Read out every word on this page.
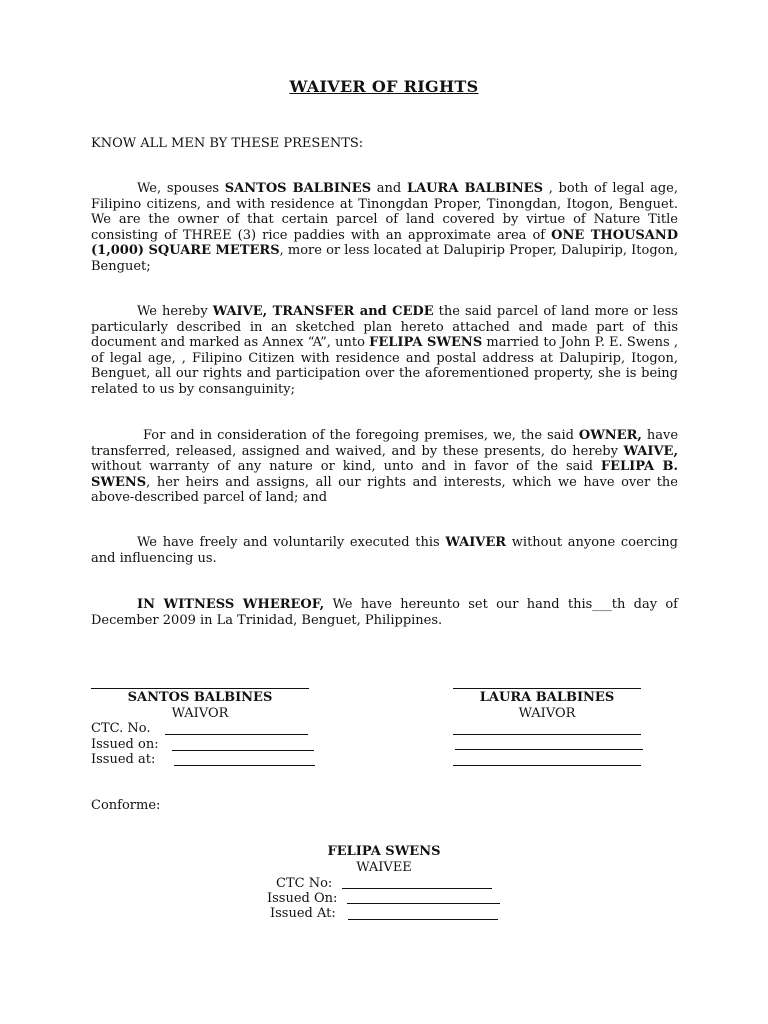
WAIVER OF RIGHTS
KNOW ALL MEN BY THESE PRESENTS:
We, spouses SANTOS BALBINES and LAURA BALBINES , both of legal age, Filipino citizens, and with residence at Tinongdan Proper, Tinongdan, Itogon, Benguet. We are the owner of that certain parcel of land covered by virtue of Nature Title consisting of THREE (3) rice paddies with an approximate area of ONE THOUSAND (1,000) SQUARE METERS, more or less located at Dalupirip Proper, Dalupirip, Itogon, Benguet;
We hereby WAIVE, TRANSFER and CEDE the said parcel of land more or less particularly described in an sketched plan hereto attached and made part of this document and marked as Annex “A”, unto FELIPA SWENS married to John P. E. Swens , of legal age, , Filipino Citizen with residence and postal address at Dalupirip, Itogon, Benguet, all our rights and participation over the aforementioned property, she is being related to us by consanguinity;
For and in consideration of the foregoing premises, we, the said OWNER, have transferred, released, assigned and waived, and by these presents, do hereby WAIVE, without warranty of any nature or kind, unto and in favor of the said FELIPA B. SWENS, her heirs and assigns, all our rights and interests, which we have over the above-described parcel of land; and
We have freely and voluntarily executed this WAIVER without anyone coercing and influencing us.
IN WITNESS WHEREOF, We have hereunto set our hand this___th day of December 2009 in La Trinidad, Benguet, Philippines.
SANTOS BALBINES
WAIVOR
CTC. No.
Issued on:
Issued at:
LAURA BALBINES
WAIVOR
Conforme:
FELIPA SWENS
WAIVEE
CTC No:
Issued On:
Issued At:
